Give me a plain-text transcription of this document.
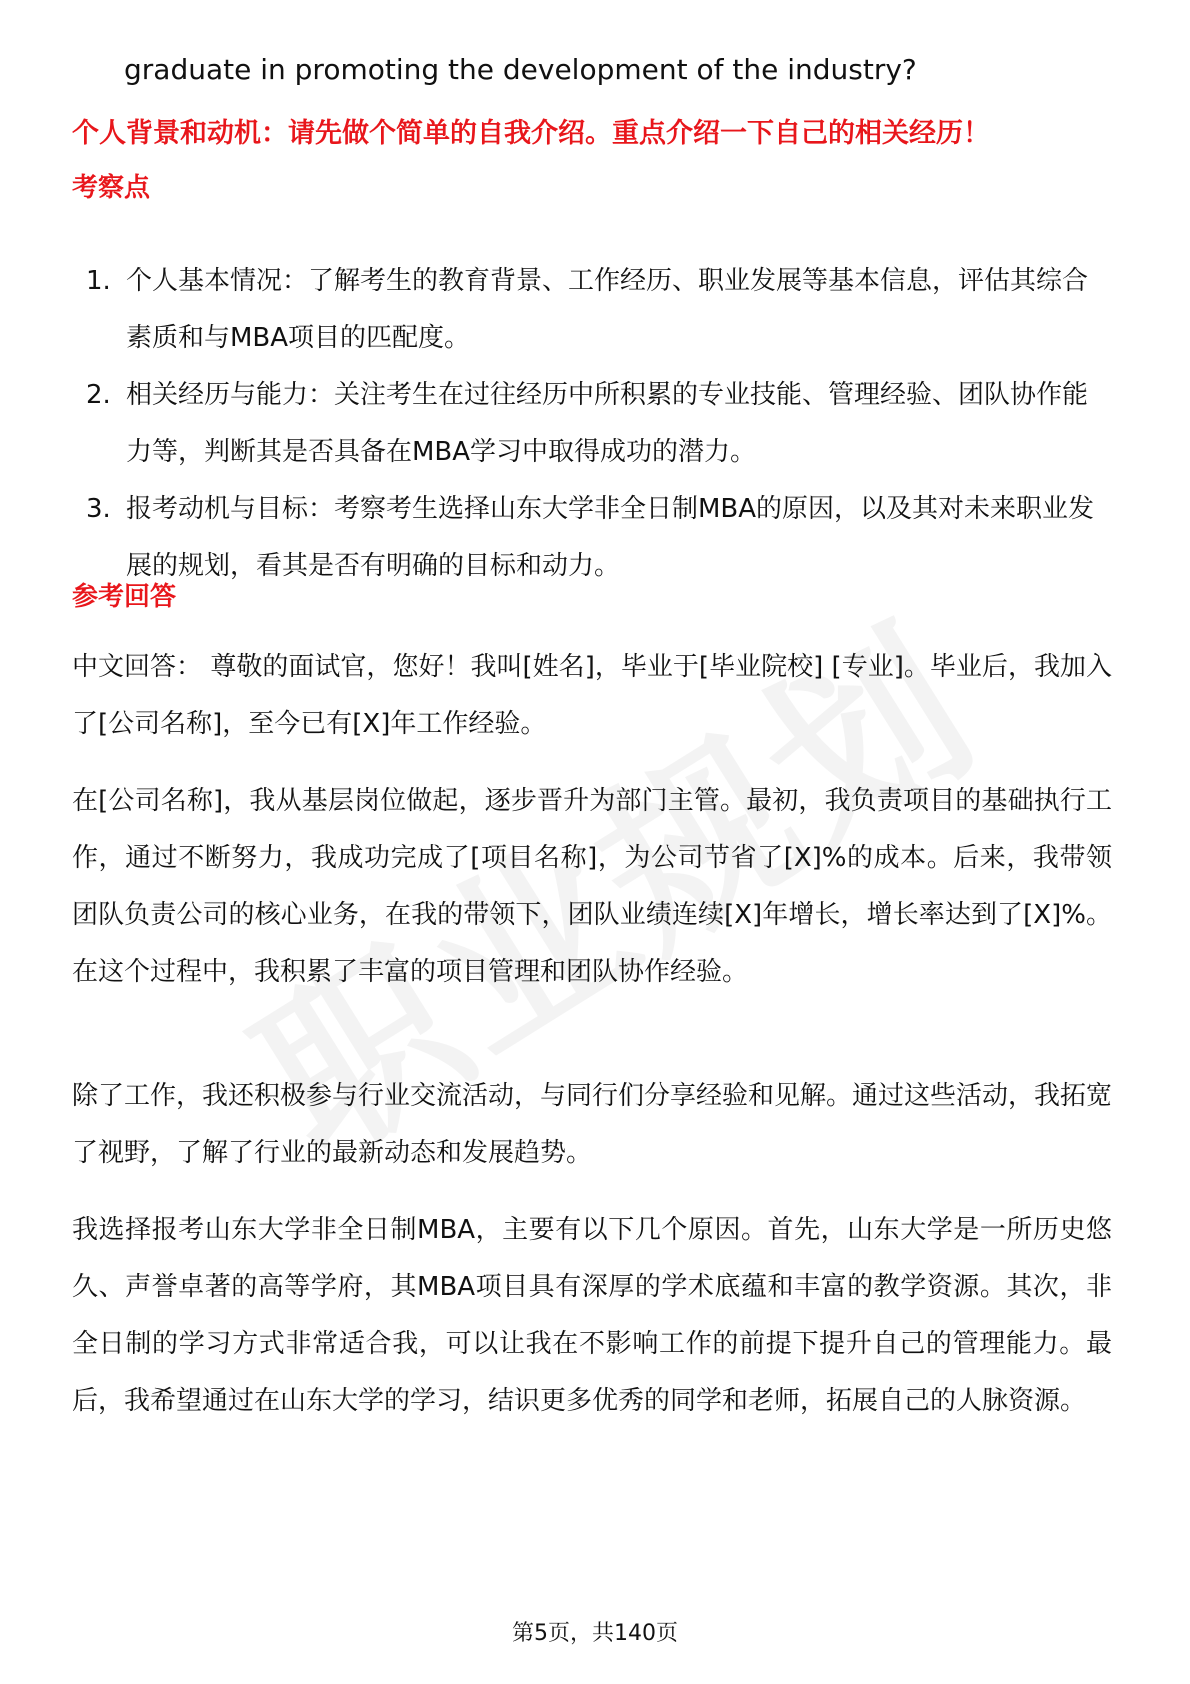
graduate in promoting the development of the industry?
个人背景和动机：请先做个简单的自我介绍。重点介绍一下自己的相关经历！
考察点
1. 个人基本情况：了解考生的教育背景、工作经历、职业发展等基本信息，评估其综合素质和与MBA项目的匹配度。
2. 相关经历与能力：关注考生在过往经历中所积累的专业技能、管理经验、团队协作能力等，判断其是否具备在MBA学习中取得成功的潜力。
3. 报考动机与目标：考察考生选择山东大学非全日制MBA的原因，以及其对未来职业发展的规划，看其是否有明确的目标和动力。
参考回答
中文回答： 尊敬的面试官，您好！我叫[姓名]，毕业于[毕业院校] [专业]。毕业后，我加入了[公司名称]，至今已有[X]年工作经验。
在[公司名称]，我从基层岗位做起，逐步晋升为部门主管。最初，我负责项目的基础执行工作，通过不断努力，我成功完成了[项目名称]，为公司节省了[X]%的成本。后来，我带领团队负责公司的核心业务，在我的带领下，团队业绩连续[X]年增长，增长率达到了[X]%。在这个过程中，我积累了丰富的项目管理和团队协作经验。
除了工作，我还积极参与行业交流活动，与同行们分享经验和见解。通过这些活动，我拓宽了视野，了解了行业的最新动态和发展趋势。
我选择报考山东大学非全日制MBA，主要有以下几个原因。首先，山东大学是一所历史悠久、声誉卓著的高等学府，其MBA项目具有深厚的学术底蕴和丰富的教学资源。其次，非全日制的学习方式非常适合我，可以让我在不影响工作的前提下提升自己的管理能力。最后，我希望通过在山东大学的学习，结识更多优秀的同学和老师，拓展自己的人脉资源。
第5页，共140页
